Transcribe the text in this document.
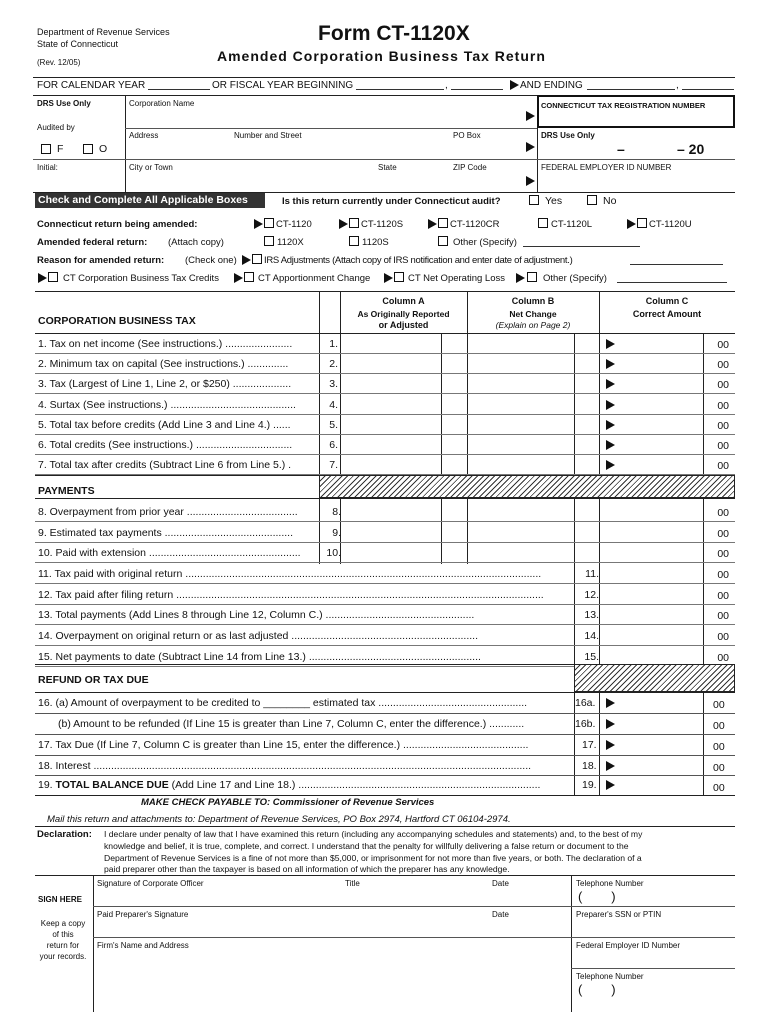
Department of Revenue Services
State of Connecticut
(Rev. 12/05)
Form CT-1120X
Amended Corporation Business Tax Return
FOR CALENDAR YEAR	OR FISCAL YEAR BEGINNING	,	AND ENDING	,
DRS Use Only
Audited by
F	O
Initial:
Corporation Name
Address	Number and Street	PO Box
City or Town	State	ZIP Code
CONNECTICUT TAX REGISTRATION NUMBER
DRS Use Only
–	– 20
FEDERAL EMPLOYER ID NUMBER
Check and Complete All Applicable Boxes	Is this return currently under Connecticut audit?	Yes	No
Connecticut return being amended:	CT-1120	CT-1120S	CT-1120CR	CT-1120L	CT-1120U
Amended federal return: (Attach copy)	1120X	1120S	Other (Specify)
Reason for amended return: (Check one)	IRS Adjustments (Attach copy of IRS notification and enter date of adjustment.)
CT Corporation Business Tax Credits	CT Apportionment Change	CT Net Operating Loss	Other (Specify)
CORPORATION BUSINESS TAX
Column A
As Originally Reported
or Adjusted
Column B
Net Change
(Explain on Page 2)
Column C
Correct Amount
1. Tax on net income (See instructions.) .......................	1.	00
2. Minimum tax on capital (See instructions.) ..............	2.	00
3. Tax (Largest of Line 1, Line 2, or $250) ....................	3.	00
4. Surtax (See instructions.) ...........................................	4.	00
5. Total tax before credits (Add Line 3 and Line 4.) ......	5.	00
6. Total credits (See instructions.) .................................	6.	00
7. Total tax after credits (Subtract Line 6 from Line 5.) .	7.	00
PAYMENTS
8. Overpayment from prior year ......................................	8.	00
9. Estimated tax payments ............................................	9.	00
10. Paid with extension ....................................................	10.	00
11. Tax paid with original return ..........................................................................................................................	11.	00
12. Tax paid after filing return ..............................................................................................................................	12.	00
13. Total payments (Add Lines 8 through Line 12, Column C.) ...................................................	13.	00
14. Overpayment on original return or as last adjusted ................................................................	14.	00
15. Net payments to date (Subtract Line 14 from Line 13.) ...........................................................	15.	00
REFUND OR TAX DUE
16. (a) Amount of overpayment to be credited to ________ estimated tax ...................................................	16a.	00
(b) Amount to be refunded (If Line 15 is greater than Line 7, Column C, enter the difference.) ............	16b.	00
17. Tax Due (If Line 7, Column C is greater than Line 15, enter the difference.) ...........................................	17.	00
18. Interest ......................................................................................................................................................	18.	00
19. TOTAL BALANCE DUE (Add Line 17 and Line 18.) ...................................................................................	19.	00
MAKE CHECK PAYABLE TO: Commissioner of Revenue Services
Mail this return and attachments to: Department of Revenue Services, PO Box 2974, Hartford CT 06104-2974.
Declaration: I declare under penalty of law that I have examined this return (including any accompanying schedules and statements) and, to the best of my
knowledge and belief, it is true, complete, and correct. I understand that the penalty for willfully delivering a false return or document to the
Department of Revenue Services is a fine of not more than $5,000, or imprisonment for not more than five years, or both. The declaration of a
paid preparer other than the taxpayer is based on all information of which the preparer has any knowledge.
SIGN HERE
Keep a copy
of this
return for
your records.
Signature of Corporate Officer	Title	Date	Telephone Number
(        )
Paid Preparer's Signature	Date	Preparer's SSN or PTIN
Firm's Name and Address	Federal Employer ID Number
Telephone Number
(        )
